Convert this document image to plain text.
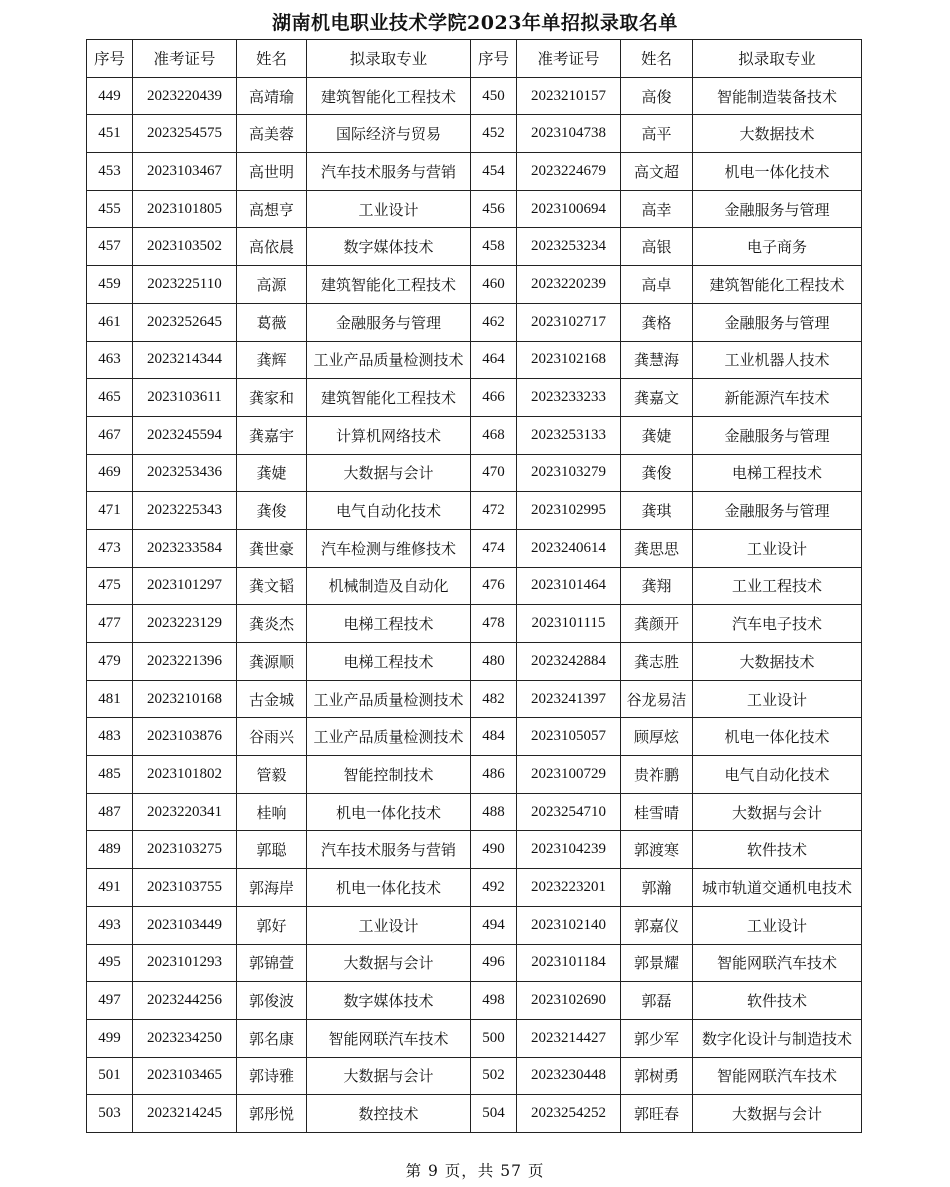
湖南机电职业技术学院2023年单招拟录取名单
序号	准考证号	姓名	拟录取专业	序号	准考证号	姓名	拟录取专业
449	2023220439	高靖瑜	建筑智能化工程技术	450	2023210157	高俊	智能制造装备技术
451	2023254575	高美蓉	国际经济与贸易	452	2023104738	高平	大数据技术
453	2023103467	高世明	汽车技术服务与营销	454	2023224679	高文超	机电一体化技术
455	2023101805	高想亨	工业设计	456	2023100694	高幸	金融服务与管理
457	2023103502	高依晨	数字媒体技术	458	2023253234	高银	电子商务
459	2023225110	高源	建筑智能化工程技术	460	2023220239	高卓	建筑智能化工程技术
461	2023252645	葛薇	金融服务与管理	462	2023102717	龚格	金融服务与管理
463	2023214344	龚辉	工业产品质量检测技术	464	2023102168	龚慧海	工业机器人技术
465	2023103611	龚家和	建筑智能化工程技术	466	2023233233	龚嘉文	新能源汽车技术
467	2023245594	龚嘉宇	计算机网络技术	468	2023253133	龚婕	金融服务与管理
469	2023253436	龚婕	大数据与会计	470	2023103279	龚俊	电梯工程技术
471	2023225343	龚俊	电气自动化技术	472	2023102995	龚琪	金融服务与管理
473	2023233584	龚世豪	汽车检测与维修技术	474	2023240614	龚思思	工业设计
475	2023101297	龚文韬	机械制造及自动化	476	2023101464	龚翔	工业工程技术
477	2023223129	龚炎杰	电梯工程技术	478	2023101115	龚颜开	汽车电子技术
479	2023221396	龚源顺	电梯工程技术	480	2023242884	龚志胜	大数据技术
481	2023210168	古金城	工业产品质量检测技术	482	2023241397	谷龙易洁	工业设计
483	2023103876	谷雨兴	工业产品质量检测技术	484	2023105057	顾厚炫	机电一体化技术
485	2023101802	管毅	智能控制技术	486	2023100729	贵祚鹏	电气自动化技术
487	2023220341	桂响	机电一体化技术	488	2023254710	桂雪晴	大数据与会计
489	2023103275	郭聪	汽车技术服务与营销	490	2023104239	郭渡寒	软件技术
491	2023103755	郭海岸	机电一体化技术	492	2023223201	郭瀚	城市轨道交通机电技术
493	2023103449	郭好	工业设计	494	2023102140	郭嘉仪	工业设计
495	2023101293	郭锦萱	大数据与会计	496	2023101184	郭景耀	智能网联汽车技术
497	2023244256	郭俊波	数字媒体技术	498	2023102690	郭磊	软件技术
499	2023234250	郭名康	智能网联汽车技术	500	2023214427	郭少军	数字化设计与制造技术
501	2023103465	郭诗雅	大数据与会计	502	2023230448	郭树勇	智能网联汽车技术
503	2023214245	郭彤悦	数控技术	504	2023254252	郭旺春	大数据与会计
第 9 页，共 57 页
